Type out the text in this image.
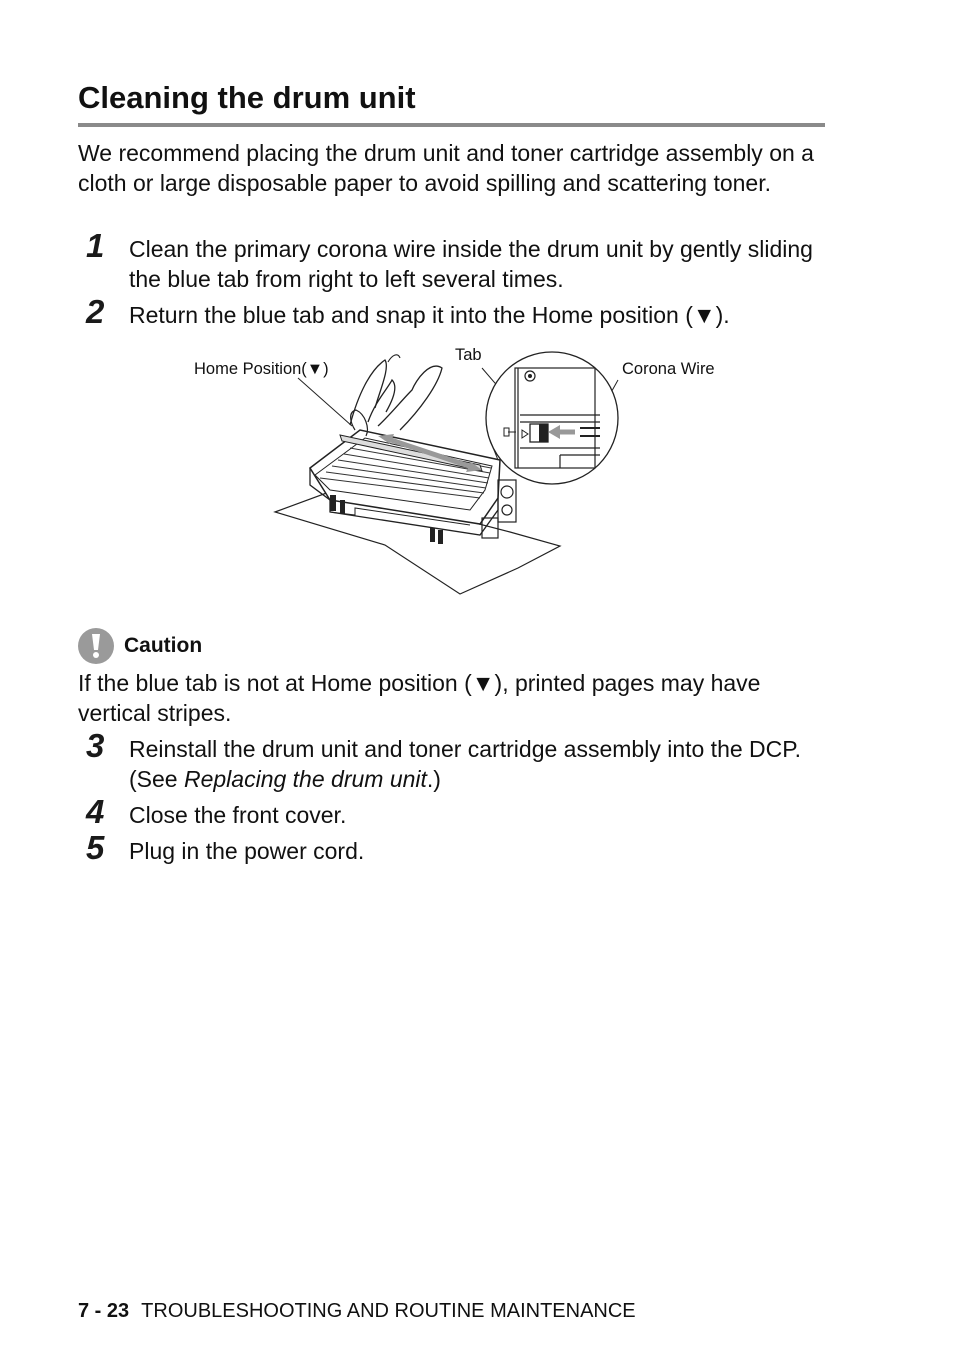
Cleaning the drum unit

We recommend placing the drum unit and toner cartridge assembly on a cloth or large disposable paper to avoid spilling and scattering toner.

1	Clean the primary corona wire inside the drum unit by gently sliding the blue tab from right to left several times.

2	Return the blue tab and snap it into the Home position (▼).

Home Position(▼)
Tab
Corona Wire
Caution

If the blue tab is not at Home position (▼), printed pages may have vertical stripes.

3	Reinstall the drum unit and toner cartridge assembly into the DCP. (See Replacing the drum unit.)

4	Close the front cover.

5	Plug in the power cord.

7 - 23 TROUBLESHOOTING AND ROUTINE MAINTENANCE
